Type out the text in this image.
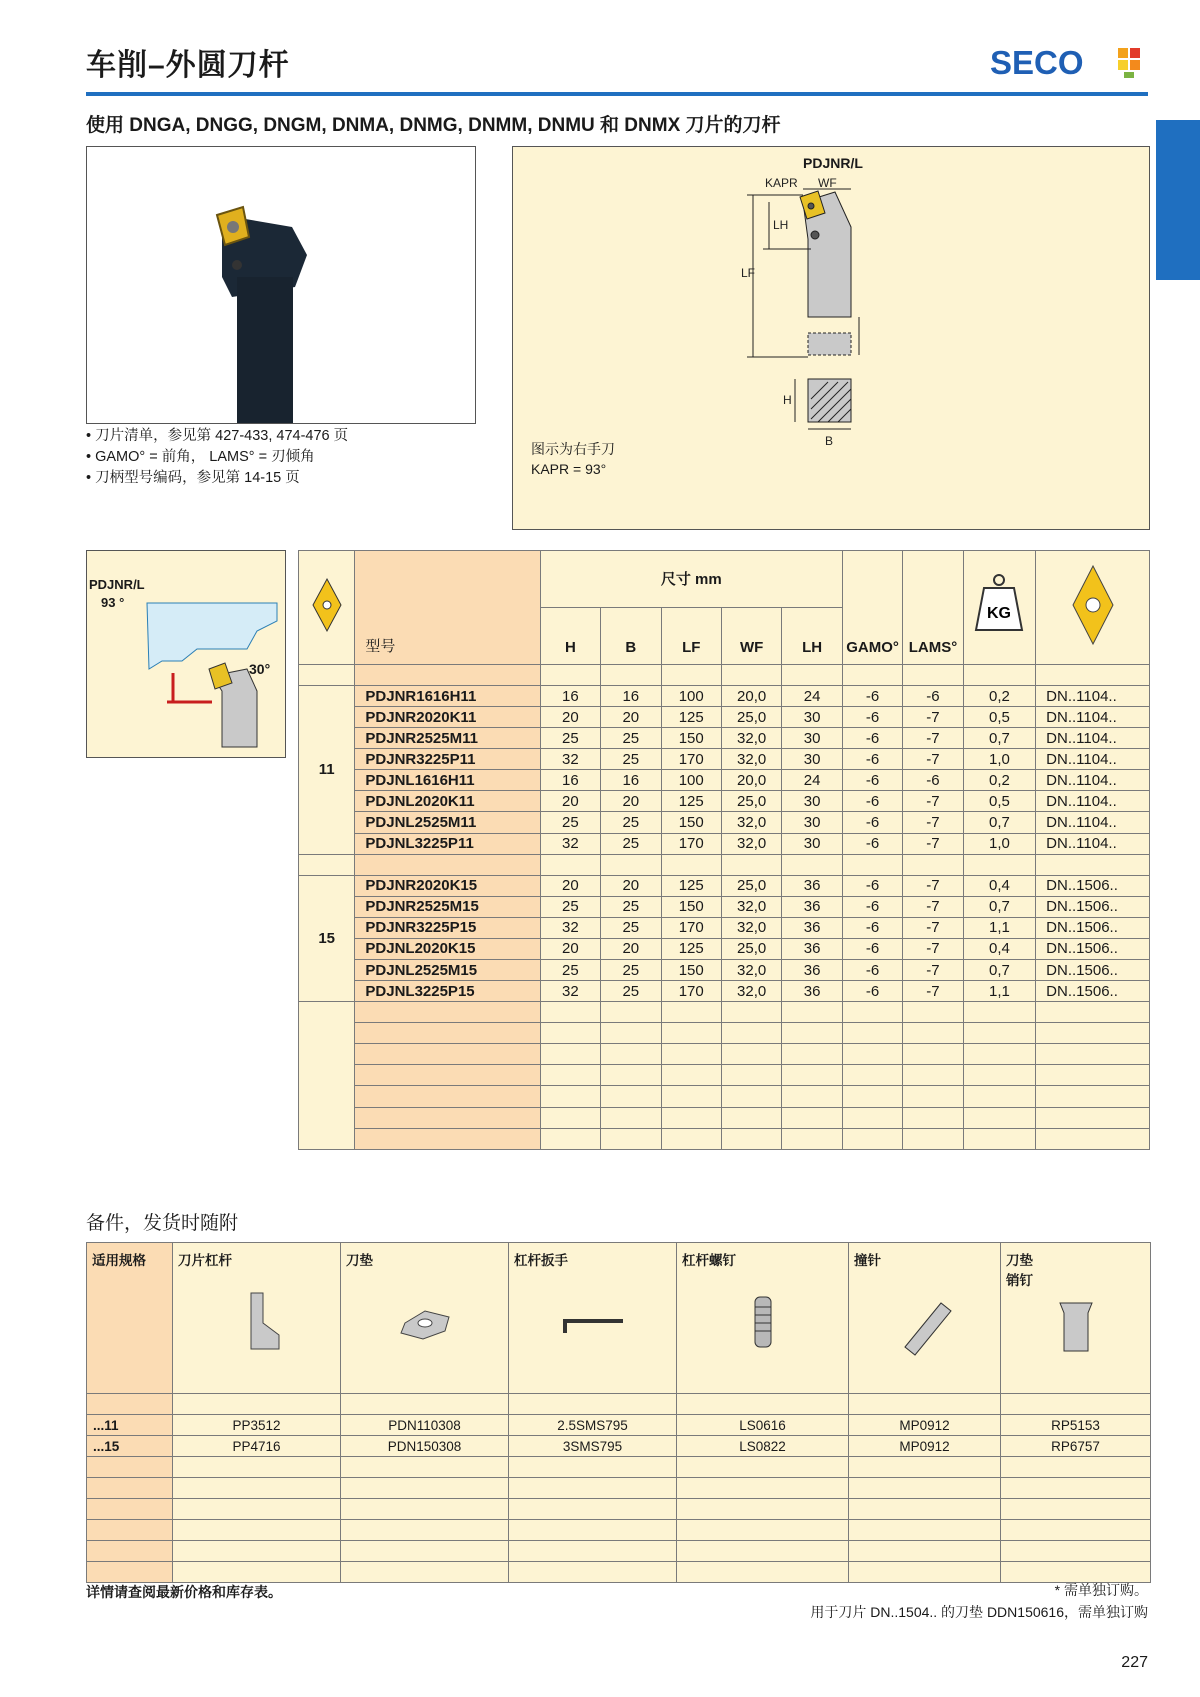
车削–外圆刀杆	SECO
使用 DNGA, DNGG, DNGM, DNMA, DNMG, DNMM, DNMU 和 DNMX 刀片的刀杆
• 刀片清单，参见第 427-433, 474-476 页
• GAMO° = 前角， LAMS° = 刃倾角
• 刀柄型号编码，参见第 14-15 页
PDJNR/L
KAPR WF
LH
LF
H
B
图示为右手刀
KAPR = 93°
PDJNR/L
93 °
30°
	型号	尺寸 mm					GAMO°	LAMS°	KG

		H	B	LF	WF	LH				

11	PDJNR1616H11	16	16	100	20,0	24	-6	-6	0,2	DN..1104..
	PDJNR2020K11	20	20	125	25,0	30	-6	-7	0,5	DN..1104..
	PDJNR2525M11	25	25	150	32,0	30	-6	-7	0,7	DN..1104..
	PDJNR3225P11	32	25	170	32,0	30	-6	-7	1,0	DN..1104..
	PDJNL1616H11	16	16	100	20,0	24	-6	-6	0,2	DN..1104..
	PDJNL2020K11	20	20	125	25,0	30	-6	-7	0,5	DN..1104..
	PDJNL2525M11	25	25	150	32,0	30	-6	-7	0,7	DN..1104..
	PDJNL3225P11	32	25	170	32,0	30	-6	-7	1,0	DN..1104..

15	PDJNR2020K15	20	20	125	25,0	36	-6	-7	0,4	DN..1506..
	PDJNR2525M15	25	25	150	32,0	36	-6	-7	0,7	DN..1506..
	PDJNR3225P15	32	25	170	32,0	36	-6	-7	1,1	DN..1506..
	PDJNL2020K15	20	20	125	25,0	36	-6	-7	0,4	DN..1506..
	PDJNL2525M15	25	25	150	32,0	36	-6	-7	0,7	DN..1506..
	PDJNL3225P15	32	25	170	32,0	36	-6	-7	1,1	DN..1506..

备件，发货时随附
适用规格	刀片杠杆	刀垫	杠杆扳手	杠杆螺钉	撞针	刀垫
销钉

...11	PP3512	PDN110308	2.5SMS795	LS0616	MP0912	RP5153
...15	PP4716	PDN150308	3SMS795	LS0822	MP0912	RP6757

详情请查阅最新价格和库存表。	* 需单独订购。
用于刀片 DN..1504.. 的刀垫 DDN150616，需单独订购
227
